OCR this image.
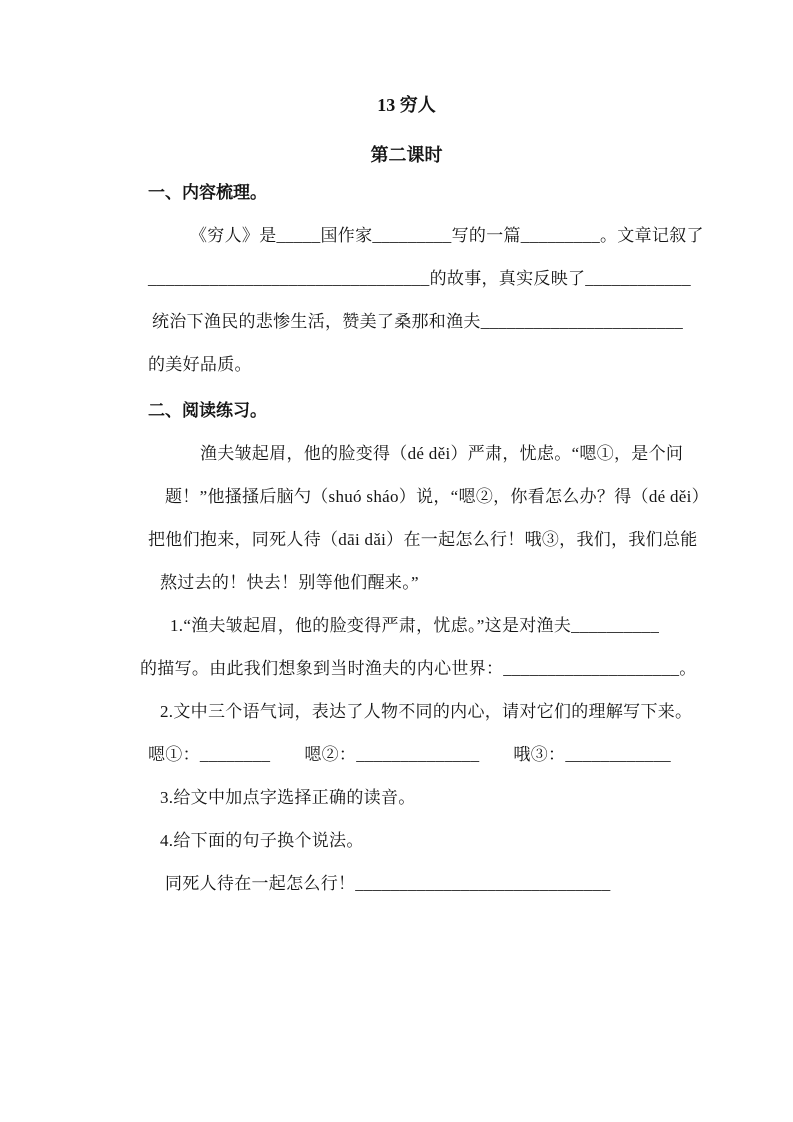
13 穷人
第二课时
一、内容梳理。
《穷人》是_____国作家_________写的一篇_________。文章记叙了
________________________________的故事，真实反映了____________
统治下渔民的悲惨生活，赞美了桑那和渔夫_______________________
的美好品质。
二、阅读练习。
渔夫皱起眉，他的脸变得（dé děi）严肃，忧虑。“嗯①，是个问
题！”他搔搔后脑勺（shuó sháo）说，“嗯②，你看怎么办？得（dé děi）
把他们抱来，同死人待（dāi dǎi）在一起怎么行！哦③，我们，我们总能
熬过去的！快去！别等他们醒来。”
1.“渔夫皱起眉，他的脸变得严肃，忧虑。”这是对渔夫__________
的描写。由此我们想象到当时渔夫的内心世界：____________________。
2.文中三个语气词，表达了人物不同的内心，请对它们的理解写下来。
嗯①：________ 嗯②：______________ 哦③：____________
3.给文中加点字选择正确的读音。
4.给下面的句子换个说法。
同死人待在一起怎么行！_____________________________
